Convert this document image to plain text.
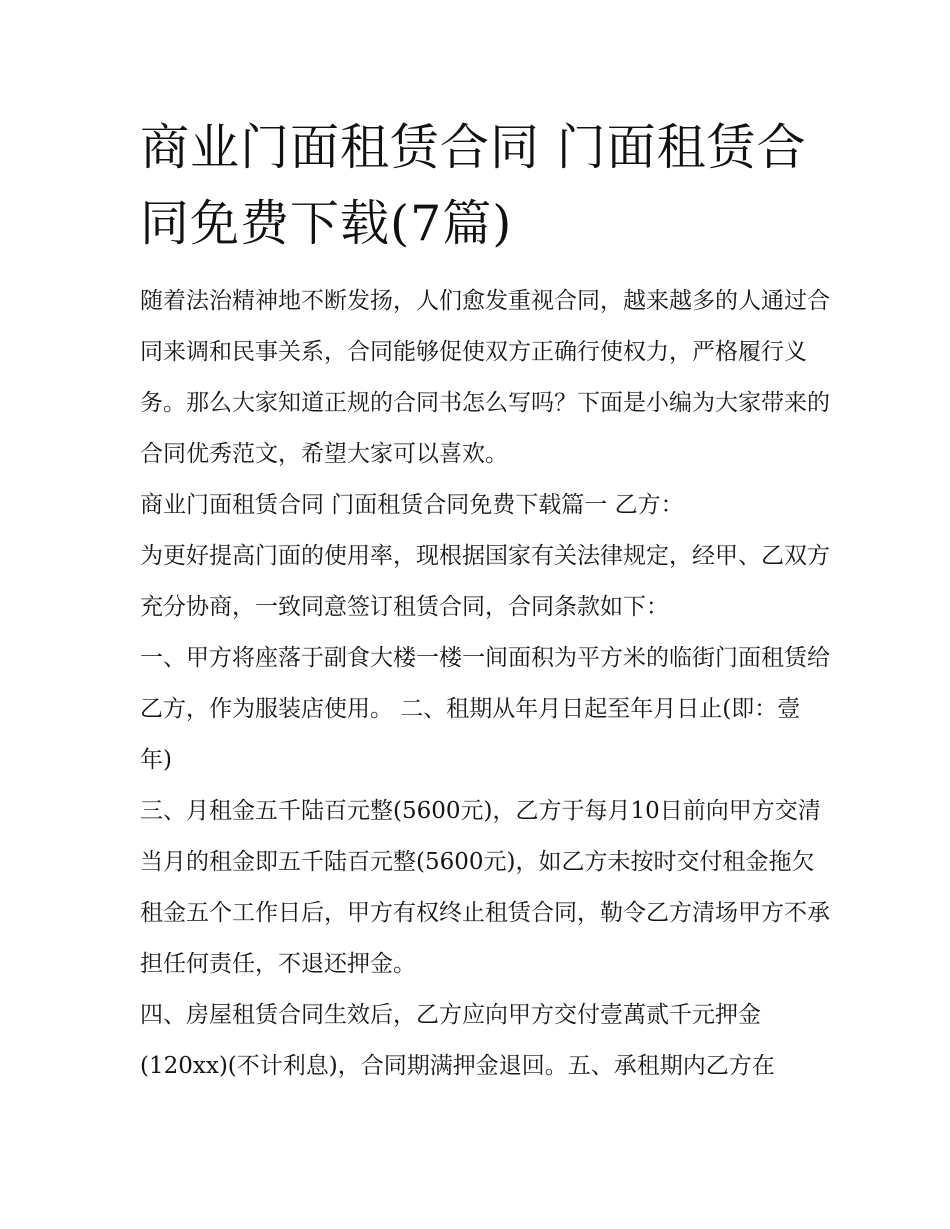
商业门面租赁合同 门面租赁合同免费下载(7篇)

随着法治精神地不断发扬，人们愈发重视合同，越来越多的人通过合同来调和民事关系，合同能够促使双方正确行使权力，严格履行义务。那么大家知道正规的合同书怎么写吗？下面是小编为大家带来的合同优秀范文，希望大家可以喜欢。

商业门面租赁合同 门面租赁合同免费下载篇一 乙方：

为更好提高门面的使用率，现根据国家有关法律规定，经甲、乙双方充分协商，一致同意签订租赁合同，合同条款如下：

一、甲方将座落于副食大楼一楼一间面积为平方米的临街门面租赁给乙方，作为服装店使用。 二、租期从年月日起至年月日止(即：壹年)

三、月租金五千陆百元整(5600元)，乙方于每月10日前向甲方交清当月的租金即五千陆百元整(5600元)，如乙方未按时交付租金拖欠租金五个工作日后，甲方有权终止租赁合同，勒令乙方清场甲方不承担任何责任，不退还押金。

四、房屋租赁合同生效后，乙方应向甲方交付壹萬贰千元押金(120xx)(不计利息)，合同期满押金退回。五、承租期内乙方在
